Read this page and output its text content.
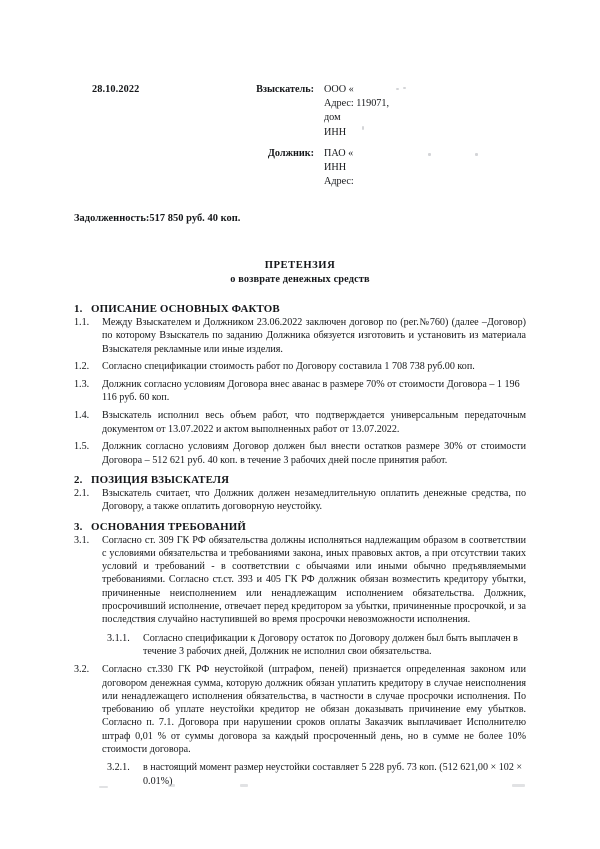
28.10.2022	Взыскатель: ООО «
Адрес: 119071,
дом
ИНН
Должник: ПАО «
ИНН
Адрес:
Задолженность:517 850 руб. 40 коп.
ПРЕТЕНЗИЯ
о возврате денежных средств
1. ОПИСАНИЕ ОСНОВНЫХ ФАКТОВ
1.1.	Между Взыскателем и Должником 23.06.2022 заключен договор по (рег.№760) (далее –Договор) по которому Взыскатель по заданию Должника обязуется изготовить и установить из материала Взыскателя рекламные или иные изделия.
1.2.	Согласно спецификации стоимость работ по Договору составила 1 708 738 руб.00 коп.
1.3.	Должник согласно условиям Договора внес аванас в размере 70% от стоимости Договора – 1 196 116 руб. 60 коп.
1.4.	Взыскатель исполнил весь объем работ, что подтверждается универсальным передаточным документом от 13.07.2022 и актом выполненных работ от 13.07.2022.
1.5.	Должник согласно условиям Договор должен был внести остатков размере 30% от стоимости Договора – 512 621 руб. 40 коп. в течение 3 рабочих дней после принятия работ.
2. ПОЗИЦИЯ ВЗЫСКАТЕЛЯ
2.1.	Взыскатель считает, что Должник должен незамедлительную оплатить денежные средства, по Договору, а также оплатить договорную неустойку.
3. ОСНОВАНИЯ ТРЕБОВАНИЙ
3.1.	Согласно ст. 309 ГК РФ обязательства должны исполняться надлежащим образом в соответствии с условиями обязательства и требованиями закона, иных правовых актов, а при отсутствии таких условий и требований - в соответствии с обычаями или иными обычно предъявляемыми требованиями. Согласно ст.ст. 393 и 405 ГК РФ должник обязан возместить кредитору убытки, причиненные неисполнением или ненадлежащим исполнением обязательства. Должник, просрочивший исполнение, отвечает перед кредитором за убытки, причиненные просрочкой, и за последствия случайно наступившей во время просрочки невозможности исполнения.
3.1.1.	Согласно спецификации к Договору остаток по Договору должен был быть выплачен в течение 3 рабочих дней, Должник не исполнил свои обязательства.
3.2.	Согласно ст.330 ГК РФ неустойкой (штрафом, пеней) признается определенная законом или договором денежная сумма, которую должник обязан уплатить кредитору в случае неисполнения или ненадлежащего исполнения обязательства, в частности в случае просрочки исполнения. По требованию об уплате неустойки кредитор не обязан доказывать причинение ему убытков. Согласно п. 7.1. Договора при нарушении сроков оплаты Заказчик выплачивает Исполнителю штраф 0,01 % от суммы договора за каждый просроченный день, но в сумме не более 10% стоимости договора.
3.2.1.	в настоящий момент размер неустойки составляет 5 228 руб. 73 коп. (512 621,00 × 102 × 0.01%)
